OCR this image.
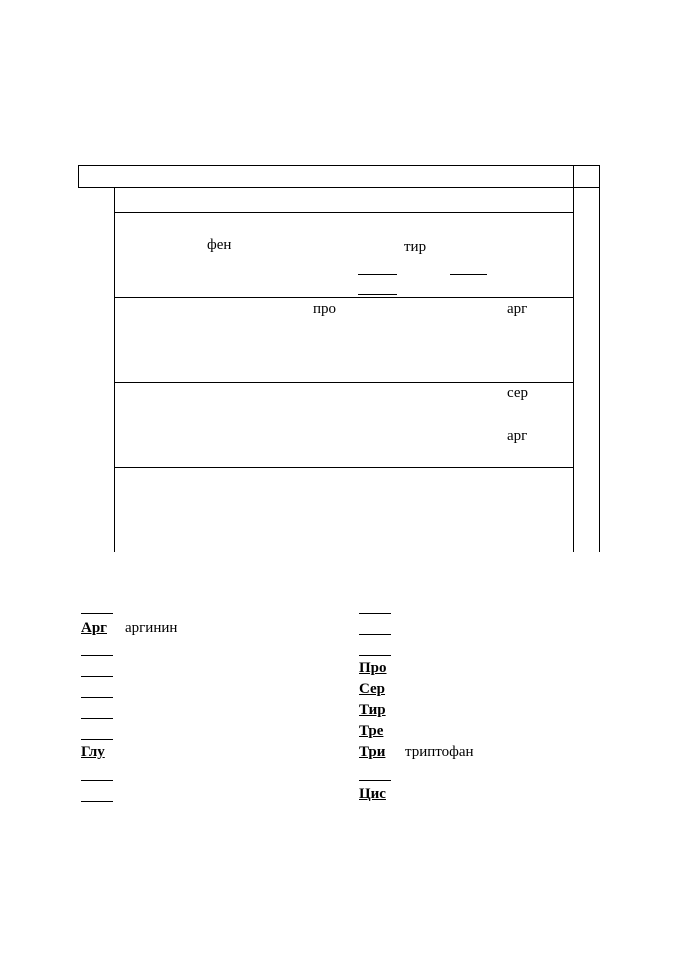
фен	тир
про	арг
сер
арг
Арг аргинин
Глу
Про
Сер
Тир
Тре
Три триптофан
Цис
